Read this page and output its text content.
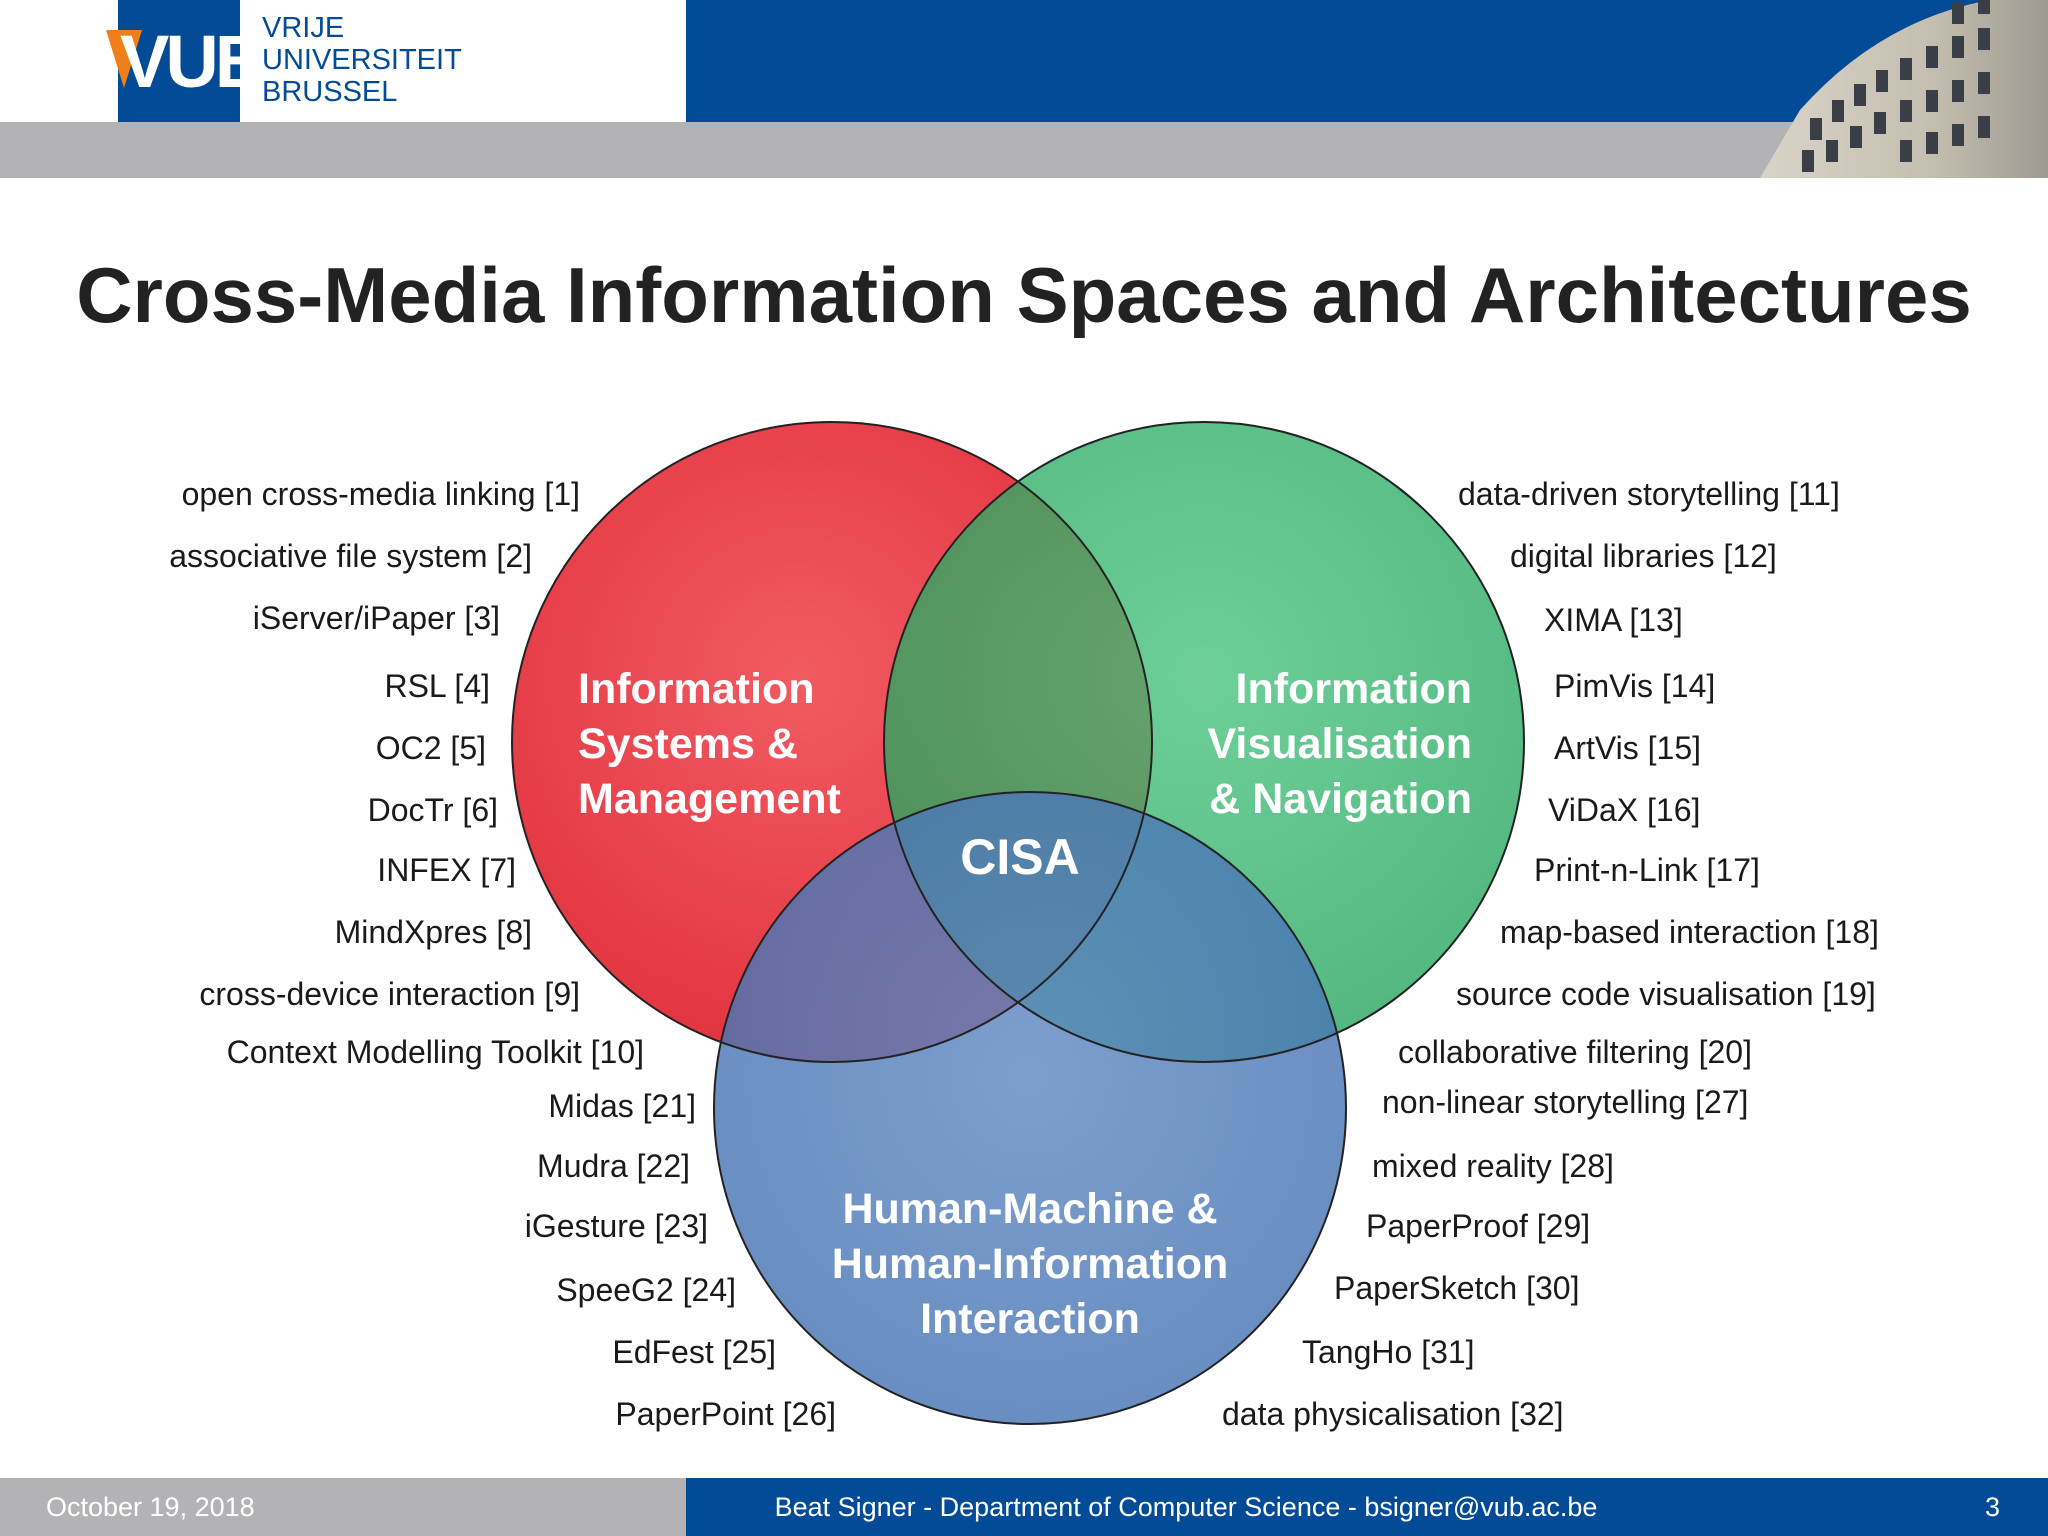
VUB
VRIJE
UNIVERSITEIT
BRUSSEL
Cross-Media Information Spaces and Architectures
Information
Systems &
Management
Information
Visualisation
& Navigation
Human-Machine &
Human-Information
Interaction
CISA
open cross-media linking [1]
associative file system [2]
iServer/iPaper [3]
RSL [4]
OC2 [5]
DocTr [6]
INFEX [7]
MindXpres [8]
cross-device interaction [9]
Context Modelling Toolkit [10]
data-driven storytelling [11]
digital libraries [12]
XIMA [13]
PimVis [14]
ArtVis [15]
ViDaX [16]
Print-n-Link [17]
map-based interaction [18]
source code visualisation [19]
collaborative filtering [20]
Midas [21]
Mudra [22]
iGesture [23]
SpeeG2 [24]
EdFest [25]
PaperPoint [26]
non-linear storytelling [27]
mixed reality [28]
PaperProof [29]
PaperSketch [30]
TangHo [31]
data physicalisation [32]
October 19, 2018	Beat Signer - Department of Computer Science - bsigner@vub.ac.be	3
